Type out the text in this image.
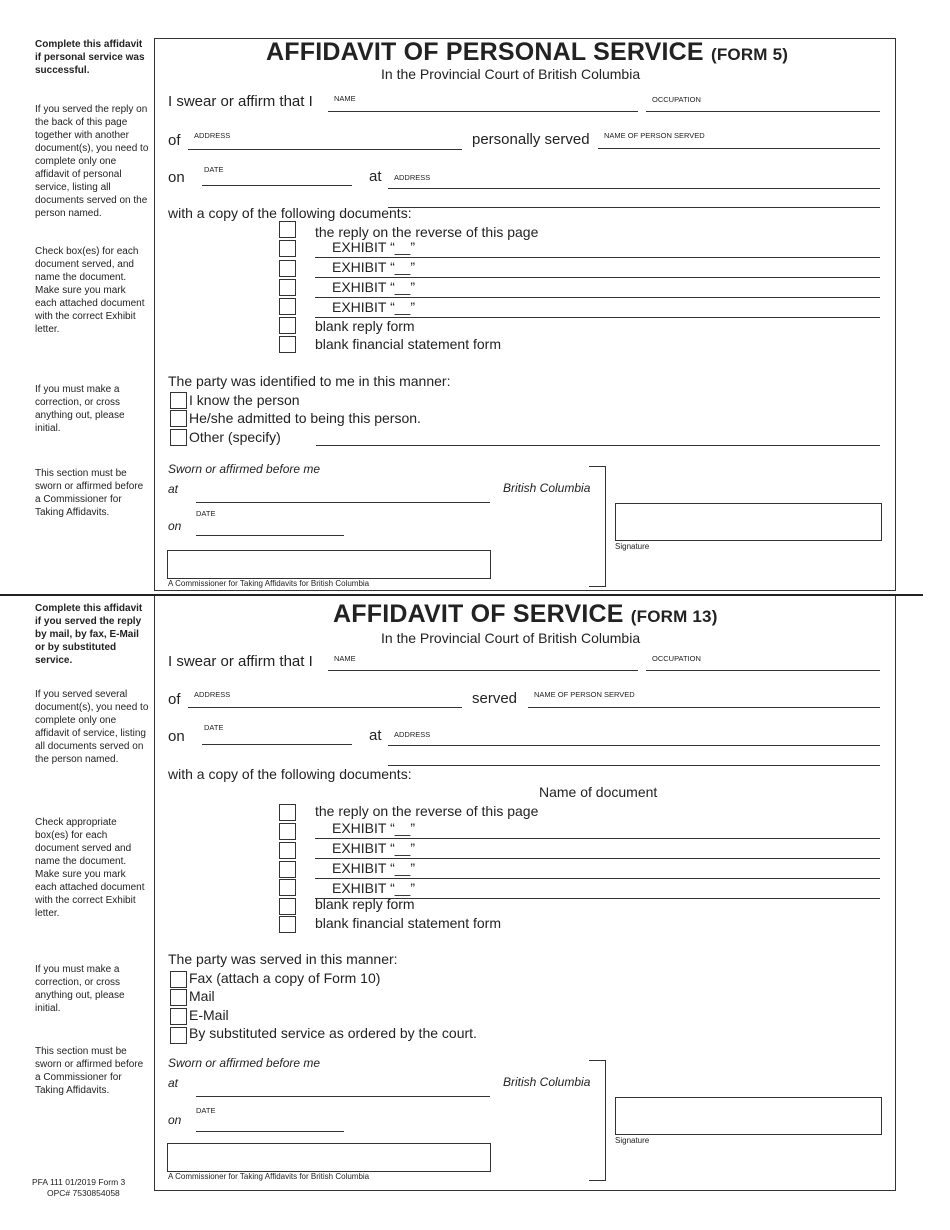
Complete this affidavit if personal service was successful.
If you served the reply on the back of this page together with another document(s), you need to complete only one affidavit of personal service, listing all documents served on the person named.
Check box(es) for each document served, and name the document. Make sure you mark each attached document with the correct Exhibit letter.
If you must make a correction, or cross anything out, please initial.
This section must be sworn or affirmed before a Commissioner for Taking Affidavits.
Complete this affidavit if you served the reply by mail, by fax, E-Mail or by substituted service.
If you served several document(s), you need to complete only one affidavit of service, listing all documents served on the person named.
Check appropriate box(es) for each document served and name the document. Make sure you mark each attached document with the correct Exhibit letter.
If you must make a correction, or cross anything out, please initial.
This section must be sworn or affirmed before a Commissioner for Taking Affidavits.
PFA 111 01/2019 Form 3
OPC# 7530854058
AFFIDAVIT OF PERSONAL SERVICE (FORM 5)
In the Provincial Court of British Columbia
I swear or affirm that I	NAME	OCCUPATION
of ADDRESS	personally served NAME OF PERSON SERVED
on	DATE	at ADDRESS
with a copy of the following documents:
the reply on the reverse of this page
EXHIBIT “__”
EXHIBIT “__”
EXHIBIT “__”
EXHIBIT “__”
blank reply form
blank financial statement form
The party was identified to me in this manner:
I know the person
He/she admitted to being this person.
Other (specify)
Sworn or affirmed before me
at	British Columbia
DATE
on
A Commissioner for Taking Affidavits for British Columbia
Signature
AFFIDAVIT OF SERVICE (FORM 13)
In the Provincial Court of British Columbia
I swear or affirm that I	NAME	OCCUPATION
of ADDRESS	served NAME OF PERSON SERVED
on
DATE	at ADDRESS
with a copy of the following documents:
Name of document
the reply on the reverse of this page
EXHIBIT “__”
EXHIBIT “__”
EXHIBIT “__”
EXHIBIT “__”
blank reply form
blank financial statement form
The party was served in this manner:
Fax (attach a copy of Form 10)
Mail
E-Mail
By substituted service as ordered by the court.
Sworn or affirmed before me
at	British Columbia
DATE
on
A Commissioner for Taking Affidavits for British Columbia
Signature
